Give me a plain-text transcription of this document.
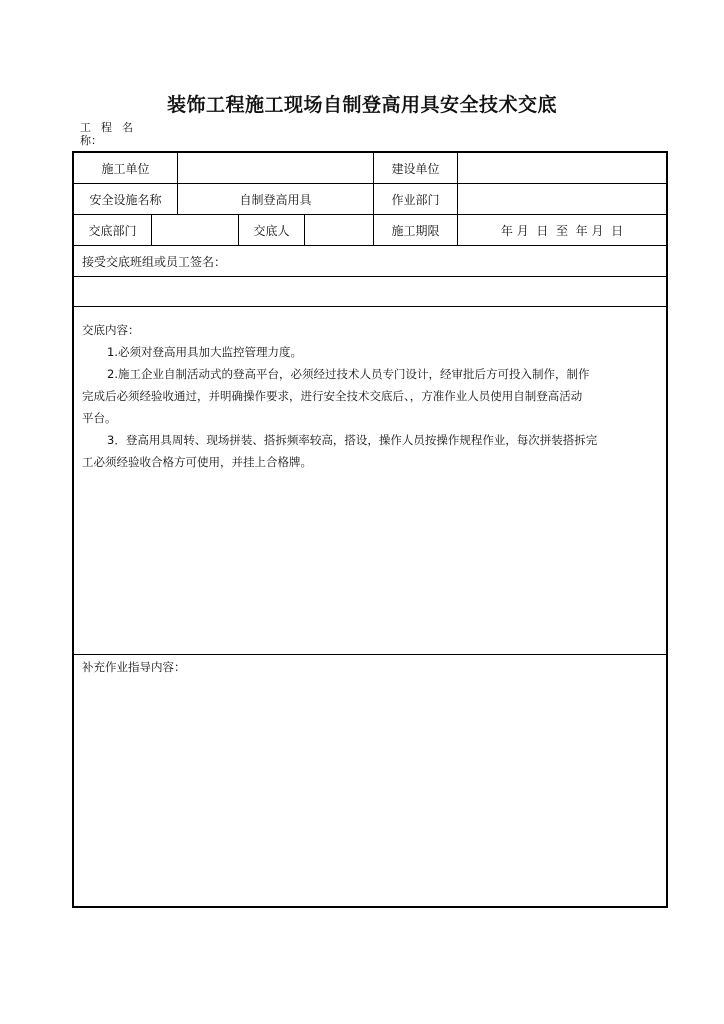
装饰工程施工现场自制登高用具安全技术交底
工程名
称：
施工单位	建设单位
安全设施名称	自制登高用具	作业部门
交底部门	交底人	施工期限	年 月  日  至  年 月  日
接受交底班组或员工签名：

交底内容：

1.必须对登高用具加大监控管理力度。

2.施工企业自制活动式的登高平台，必须经过技术人员专门设计，经审批后方可投入制作，制作

完成后必须经验收通过，并明确操作要求，进行安全技术交底后、，方准作业人员使用自制登高活动

平台。

3．登高用具周转、现场拼装、搭拆频率较高，搭设，操作人员按操作规程作业，每次拼装搭拆完

工必须经验收合格方可使用，并挂上合格牌。

补充作业指导内容：
